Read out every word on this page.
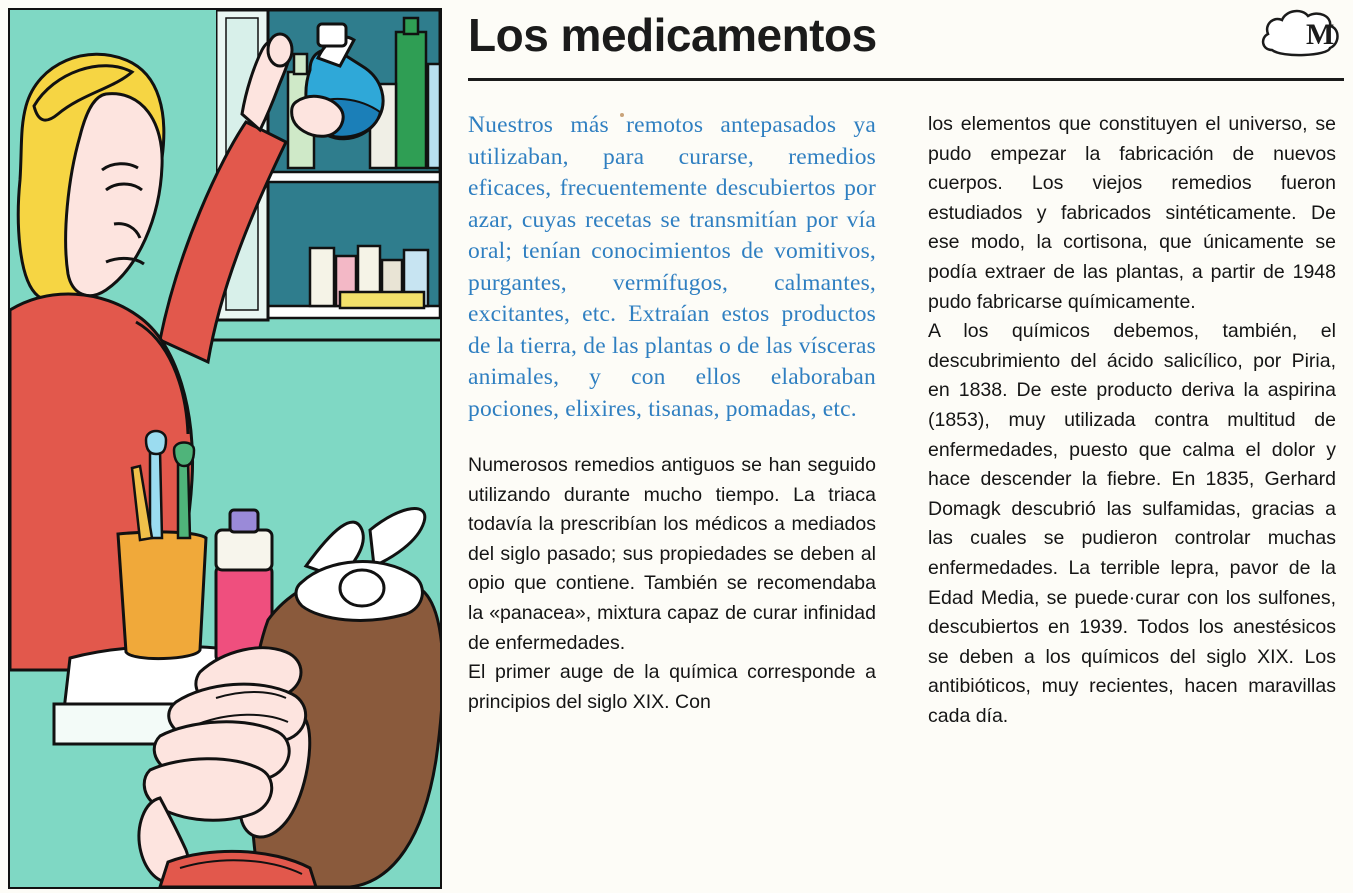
Los medicamentos	M

Nuestros más remotos antepasados ya utilizaban, para curarse, remedios eficaces, frecuentemente descubiertos por azar, cuyas recetas se transmitían por vía oral; tenían conocimientos de vomitivos, purgantes, vermífugos, calmantes, excitantes, etc. Extraían estos productos de la tierra, de las plantas o de las vísceras animales, y con ellos elaboraban pociones, elixires, tisanas, pomadas, etc.

Numerosos remedios antiguos se han seguido utilizando durante mucho tiempo. La triaca todavía la prescribían los médicos a mediados del siglo pasado; sus propiedades se deben al opio que contiene. También se recomendaba la «panacea», mixtura capaz de curar infinidad de enfermedades.

El primer auge de la química corresponde a principios del siglo XIX. Con

los elementos que constituyen el universo, se pudo empezar la fabricación de nuevos cuerpos. Los viejos remedios fueron estudiados y fabricados sintéticamente. De ese modo, la cortisona, que únicamente se podía extraer de las plantas, a partir de 1948 pudo fabricarse químicamente.

A los químicos debemos, también, el descubrimiento del ácido salicílico, por Piria, en 1838. De este producto deriva la aspirina (1853), muy utilizada contra multitud de enfermedades, puesto que calma el dolor y hace descender la fiebre. En 1835, Gerhard Domagk descubrió las sulfamidas, gracias a las cuales se pudieron controlar muchas enfermedades. La terrible lepra, pavor de la Edad Media, se puede·curar con los sulfones, descubiertos en 1939. Todos los anestésicos se deben a los químicos del siglo XIX. Los antibióticos, muy recientes, hacen maravillas cada día.
